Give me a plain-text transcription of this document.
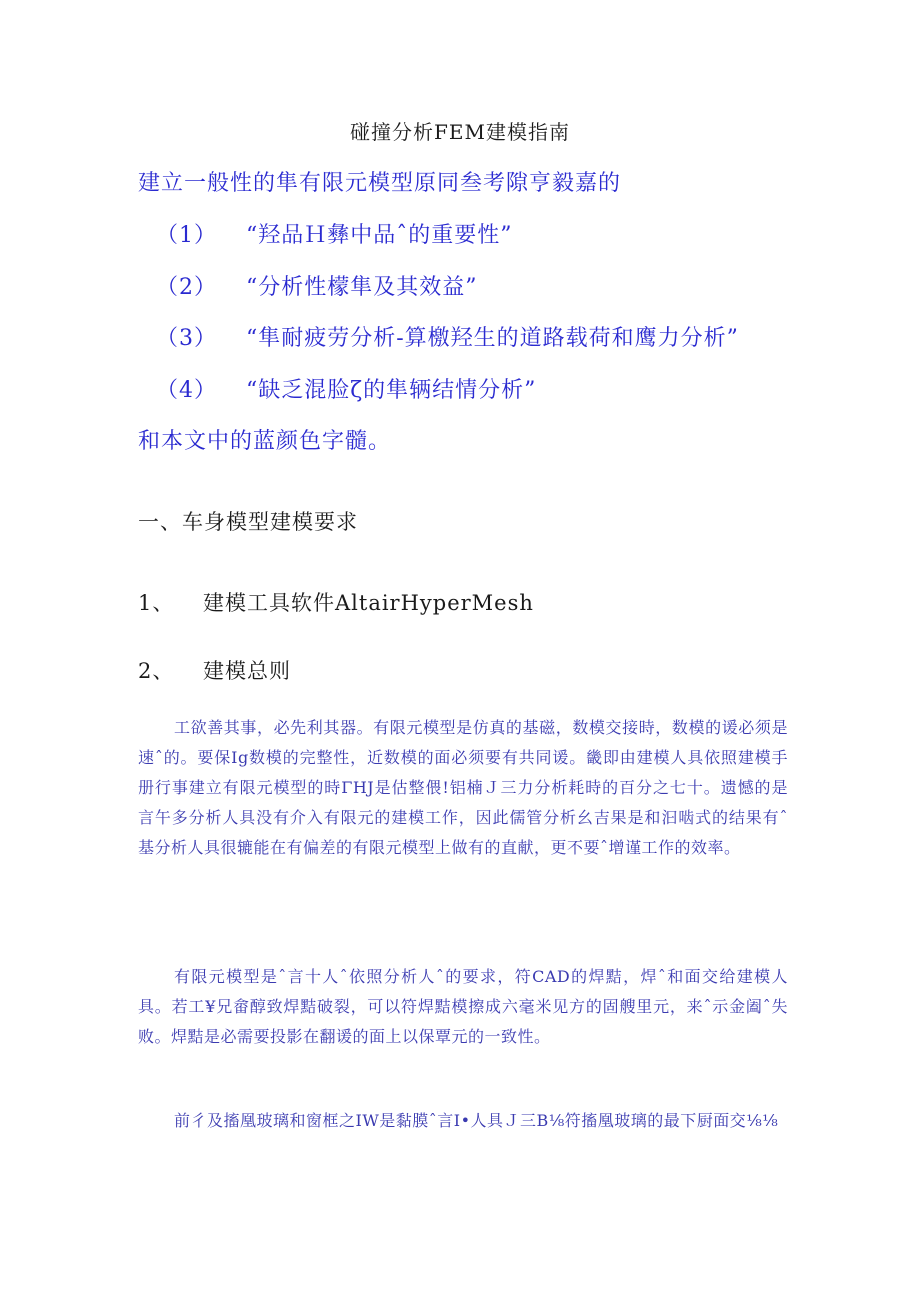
碰撞分析FEM建模指南
建立一般性的隼有限元模型原同叁考隙亨毅嘉的
（1） “羟品Ｈ彝中品ˆ的重要性”
（2） “分析性檬隼及其效益”
（3） “隼耐疲劳分析-算檄羟生的道路载荷和鹰力分析”
（4） “缺乏混脸ζ的隼辆结情分析”
和本文中的蓝颜色字髓。
一、车身模型建模要求
1、 建模工具软件AltairHyperMesh
2、 建模总则
工欲善其事，必先利其器。有限元模型是仿真的基磁，数模交接時，数模的谖必须是速ˆ的。要保Ig数模的完整性，近数模的面必须要有共同谖。畿即由建模人具依照建模手册行事建立有限元模型的時ΓHJ是估整偎!铝楠Ｊ三力分析耗時的百分之七十。遗憾的是言午多分析人具没有介入有限元的建模工作，因此儒管分析幺吉果是和汩啮式的结果有ˆ基分析人具很辘能在有偏差的有限元模型上做有的直献，更不要ˆ增谨工作的效率。
有限元模型是ˆ言十人ˆ依照分析人ˆ的要求，符CAD的焊黠，焊ˆ和面交给建模人具。若工¥兄畲醇致焊黠破裂，可以符焊黠模擦成六毫米见方的固艘里元，来ˆ示金阖ˆ失败。焊黠是必需要投影在翻谖的面上以保覃元的一致性。
前彳及搐凰玻璃和窗框之IW是黏膜ˆ言I•人具Ｊ三B⅛符搐凰玻璃的最下厨面交⅛⅛
